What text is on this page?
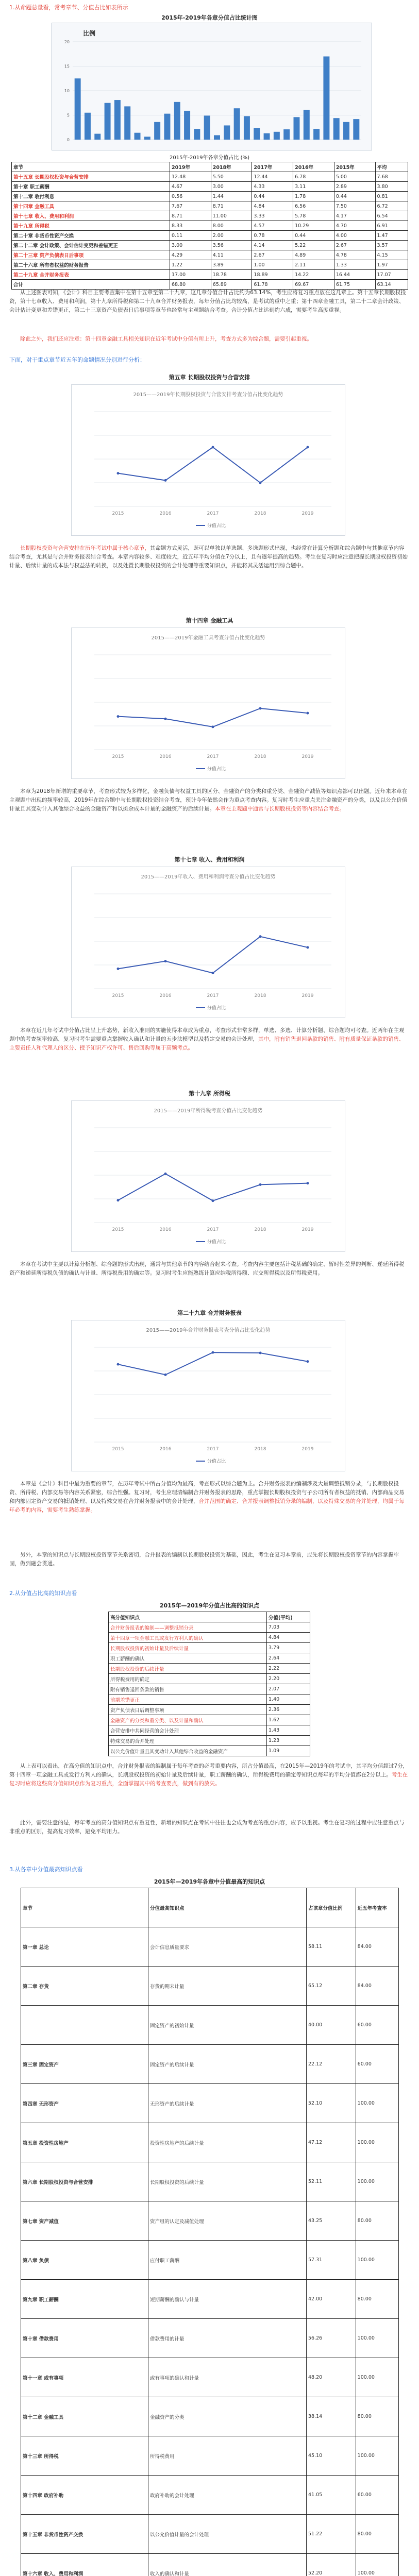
1.从命题总量看，常考章节、分值占比如表所示
2015年-2019年各章分值占比统计图
比例
20
15
10
5
0
2015年-2019年各章分值占比 (%)
章节	2019年	2018年	2017年	2016年	2015年	平均
第十五章 长期股权投资与合营安排	12.48	5.50	12.44	6.78	5.00	7.68
第十章 职工薪酬	4.67	3.00	4.33	3.11	2.89	3.80
第十二章 收付利息	0.56	1.44	0.44	1.78	0.44	0.81
第十四章 金融工具	7.67	8.71	4.84	6.56	7.50	6.72
第十七章 收入、费用和利润	8.71	11.00	3.33	5.78	4.17	6.54
第十九章 所得税	8.33	8.00	4.57	10.29	4.70	6.91
第二十章 非货币性资产交换	0.11	2.00	0.78	0.44	4.00	1.47
第二十二章 会计政策、会计估计变更和差错更正	3.00	3.56	4.14	5.22	2.67	3.57
第二十三章 资产负债表日后事项	4.29	4.11	2.67	4.89	4.78	4.15
第二十六章 所有者权益的财务报告	1.22	3.89	1.00	2.11	1.33	1.97
第二十九章 合并财务报表	17.00	18.78	18.89	14.22	16.44	17.07
合计	68.80	65.89	61.78	69.67	61.75	63.14
从上述图表可知，《会计》科目主要考查集中在第十五章至第二十九章，这几章分值合计占比约为63.14%，考生应将复习重点放在这几章上。第十五章长期股权投资，第十七章收入、费用和利润，第十九章所得税和第二十九章合并财务报表，每年分值占比均较高，是考试的重中之重；第十四章金融工具，第二十二章会计政策、会计估计变更和差错更正，第二十三章资产负债表日后事项等章节也经常与主观题结合考查。合计分值占比达到约六成，需要考生高度重视。
除此之外，我们还应注意：第十四章金融工具相关知识在近年考试中分值有所上升，考查方式多为综合题，需要引起重视。
下面，对于重点章节近五年的命题情况分别进行分析：
第五章 长期股权投资与合营安排
2015——2019年长期股权投资与合营安排考查分值占比变化趋势
2015	2016	2017	2018	2019
分值占比
长期股权投资与合营安排在历年考试中属于核心章节，其命题方式灵活，既可以单独以单选题、多选题形式出现，也经常在计算分析题和综合题中与其他章节内容结合考查，尤其是与合并财务报表结合考查。本章内容较多、难度较大，近五年平均分值在7分以上，且有逐年提高的趋势。考生在复习时应注意把握长期股权投资初始计量、后续计量的成本法与权益法的转换，以及处置长期股权投资的会计处理等重要知识点，并能将其灵活运用到综合题中。
第十四章 金融工具
2015——2019年金融工具考查分值占比变化趋势
2015	2016	2017	2018	2019
分值占比
本章为2018年新增的重要章节，考查形式较为多样化，金融负债与权益工具的区分、金融资产的分类和重分类、金融资产减值等知识点都可以出题。近年来本章在主观题中出现的频率较高，2019年在综合题中与长期股权投资结合考查，预计今年依然会作为重点考查内容。复习时考生应重点关注金融资产的分类，以及以公允价值计量且其变动计入其他综合收益的金融资产和以摊余成本计量的金融资产的后续计量。本章在主观题中通常与长期股权投资等内容结合考查。
第十七章 收入、费用和利润
2015——2019年收入、费用和利润考查分值占比变化趋势
2015	2016	2017	2018	2019
分值占比
本章在近几年考试中分值占比呈上升态势，新收入准则的实施使得本章成为重点，考查形式非常多样，单选、多选、计算分析题、综合题均可考查。近两年在主观题中的考查频率较高，复习时考生需要重点掌握收入确认和计量的五步法模型以及特定交易的会计处理，其中，附有销售退回条款的销售、附有质量保证条款的销售、主要责任人和代理人的区分、授予知识产权许可、售后回购等属于高频考点。
第十九章 所得税
2015——2019年所得税考查分值占比变化趋势
2015	2016	2017	2018	2019
分值占比
本章在考试中主要以计算分析题、综合题的形式出现，通常与其他章节的内容结合起来考查。考查内容主要包括计税基础的确定、暂时性差异的判断、递延所得税资产和递延所得税负债的确认与计量、所得税费用的确定等。复习时考生应能熟练计算应纳税所得额、应交所得税以及所得税费用。
第二十九章 合并财务报表
2015——2019年合并财务报表考查分值占比变化趋势
2015	2016	2017	2018	2019
分值占比
本章是《会计》科目中最为重要的章节，在历年考试中所占分值均为最高，考查形式以综合题为主。合并财务报表的编制涉及大量调整抵销分录，与长期股权投资、所得税、内部交易等内容关系紧密，综合性强。复习时，考生应理清编制合并财务报表的思路，重点掌握长期股权投资与子公司所有者权益的抵销、内部商品交易和内部固定资产交易的抵销处理、以及特殊交易在合并财务报表中的会计处理，合并范围的确定、合并报表调整抵销分录的编制，以及特殊交易的合并处理，均属于每年必考的内容，需要考生熟练掌握。
另外，本章的知识点与长期股权投资章节关系密切，合并报表的编制以长期股权投资为基础，因此，考生在复习本章前，应先将长期股权投资章节的内容掌握牢固，做到融会贯通。
2.从分值占比高的知识点看
2015年—2019年分值占比高的知识点
高分值知识点	分值(平均)
合并财务报表的编制——调整抵销分录	7.03
第十四章一项金融工具或发行方利人的确认	4.84
长期股权投资的初始计量及后续计量	3.79
职工薪酬的确认	2.64
长期股权投资的后续计量	2.22
所得税费用的确定	2.20
附有销售退回条款的销售	2.07
前期差错更正	1.40
资产负债表日后调整事项	2.36
金融资产的分类和重分类、以及计量和确认	1.62
合营安排中共同经营的会计处理	1.43
特殊交易的合并处理	1.23
以公允价值计量且其变动计入其他综合收益的金融资产	1.09
从上表可以看出，在高分值的知识点中，合并财务报表的编制属于每年考查的必考重要内容，所占分值最高，在2015年—2019年的考试中，其平均分值超过7分，第十四章一项金融工具或发行方利人的确认，长期股权投资的初始计量及后续计量，职工薪酬的确认，所得税费用的确定等知识点每年的平均分值都在2分以上。考生在复习时应将这些高分值知识点作为复习重点，全面掌握其中的考查要点，做到有的放矢。
此外，需要注意的是，每年考查的高分值知识点有重复性，新增的知识点在考试中往往也会成为考查的重点内容，应予以重视。考生在复习的过程中应注意重点与非重点的区别，提高复习效率，避免平均用力。
3.从各章中分值最高知识点看
2015年—2019年各章中分值最高的知识点
章节	分值最高知识点	占该章分值比例	近五年考查率
第一章 总论	会计信息质量要求	58.11	84.00
第二章 存货	存货的期末计量	65.12	84.00
	固定资产的初始计量	40.00	60.00
第三章 固定资产	固定资产的后续计量	22.12	60.00
第四章 无形资产	无形资产的后续计量	52.10	100.00
第五章 投资性房地产	投资性房地产的后续计量	47.12	100.00
第六章 长期股权投资与合营安排	长期股权投资的后续计量	52.11	100.00
第七章 资产减值	资产组的认定及减值处理	43.25	80.00
第八章 负债	应付职工薪酬	57.31	100.00
第九章 职工薪酬	短期薪酬的确认与计量	42.00	80.00
第十章 借款费用	借款费用的计量	56.26	100.00
第十一章 或有事项	或有事项的确认和计量	48.20	100.00
第十二章 金融工具	金融资产的分类	38.14	80.00
第十三章 所得税	所得税费用	45.10	100.00
第十四章 政府补助	政府补助的会计处理	41.05	60.00
第十五章 非货币性资产交换	以公允价值计量的会计处理	51.22	80.00
第十六章 收入、费用和利润	收入的确认和计量	52.20	100.00
